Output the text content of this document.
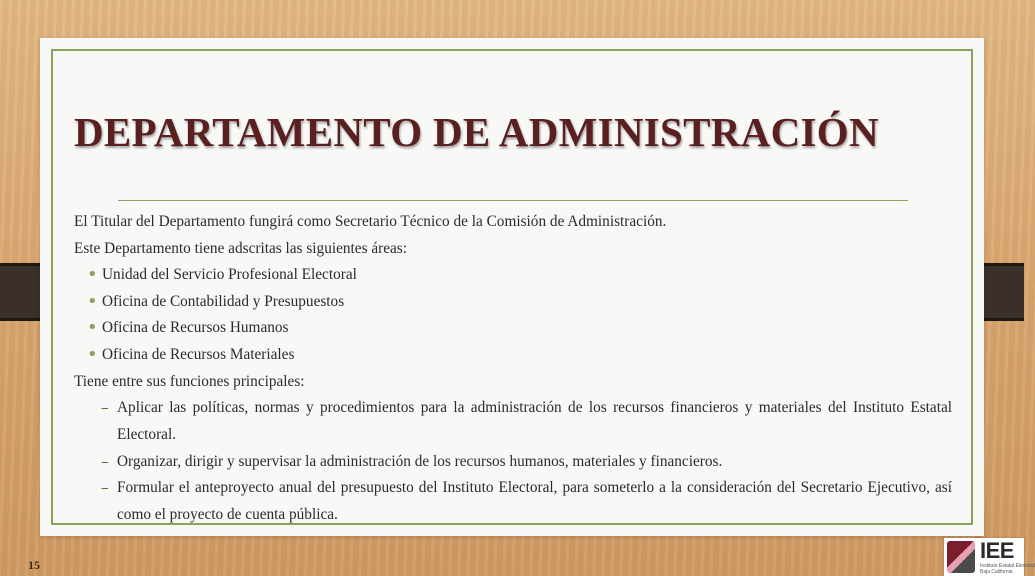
DEPARTAMENTO DE ADMINISTRACIÓN
El Titular del Departamento fungirá como Secretario Técnico de la Comisión de Administración.
Este Departamento tiene adscritas las siguientes áreas:
• Unidad del Servicio Profesional Electoral
• Oficina de Contabilidad y Presupuestos
• Oficina de Recursos Humanos
• Oficina de Recursos Materiales
Tiene entre sus funciones principales:
‒ Aplicar las políticas, normas y procedimientos para la administración de los recursos financieros y materiales del Instituto Estatal Electoral.
‒ Organizar, dirigir y supervisar la administración de los recursos humanos, materiales y financieros.
‒ Formular el anteproyecto anual del presupuesto del Instituto Electoral, para someterlo a la consideración del Secretario Ejecutivo, así como el proyecto de cuenta pública.
15
IEE
Instituto Estatal Electoral
Baja California
